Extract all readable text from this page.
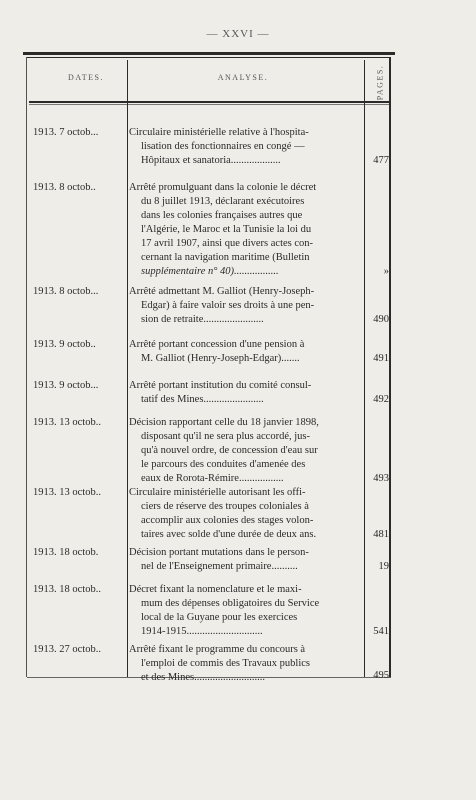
— XXVI —
DATES.	ANALYSE.	PAGES.
1913. 7 octob...	Circulaire ministérielle relative à l'hospita-
lisation des fonctionnaires en congé —
Hôpitaux et sanatoria...................	477
1913. 8 octob..	Arrêté promulguant dans la colonie le décret
du 8 juillet 1913, déclarant exécutoires
dans les colonies françaises autres que
l'Algérie, le Maroc et la Tunisie la loi du
17 avril 1907, ainsi que divers actes con-
cernant la navigation maritime (Bulletin
supplémentaire n° 40).................	»
1913. 8 octob...	Arrêté admettant M. Galliot (Henry-Joseph-
Edgar) à faire valoir ses droits à une pen-
sion de retraite.......................	490
1913. 9 octob..	Arrêté portant concession d'une pension à
M. Galliot (Henry-Joseph-Edgar).......	491
1913. 9 octob...	Arrêté portant institution du comité consul-
tatif des Mines.......................	492
1913. 13 octob..	Décision rapportant celle du 18 janvier 1898,
disposant qu'il ne sera plus accordé, jus-
qu'à nouvel ordre, de concession d'eau sur
le parcours des conduites d'amenée des
eaux de Rorota-Rémire.................	493
1913. 13 octob..	Circulaire ministérielle autorisant les offi-
ciers de réserve des troupes coloniales à
accomplir aux colonies des stages volon-
taires avec solde d'une durée de deux ans.	481
1913. 18 octob.	Décision portant mutations dans le person-
nel de l'Enseignement primaire..........	19
1913. 18 octob..	Décret fixant la nomenclature et le maxi-
mum des dépenses obligatoires du Service
local de la Guyane pour les exercices
1914-1915.............................	541
1913. 27 octob..	Arrêté fixant le programme du concours à
l'emploi de commis des Travaux publics
et des Mines...........................	495
